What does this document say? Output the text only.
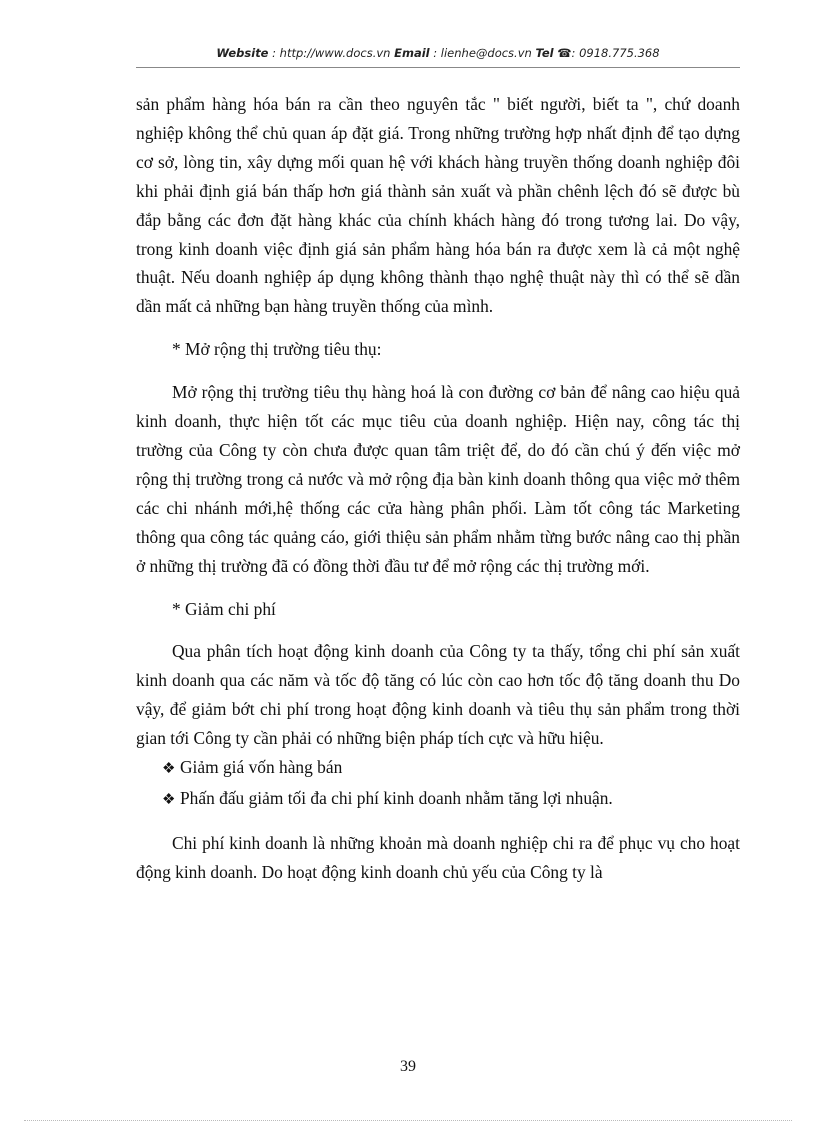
Website : http://www.docs.vn Email : lienhe@docs.vn Tel ☎: 0918.775.368

sản phẩm hàng hóa bán ra cần theo nguyên tắc " biết người, biết ta ", chứ doanh nghiệp không thể chủ quan áp đặt giá. Trong những trường hợp nhất định để tạo dựng cơ sở, lòng tin, xây dựng mối quan hệ với khách hàng truyền thống doanh nghiệp đôi khi phải định giá bán thấp hơn giá thành sản xuất và phần chênh lệch đó sẽ được bù đắp bằng các đơn đặt hàng khác của chính khách hàng đó trong tương lai. Do vậy, trong kinh doanh việc định giá sản phẩm hàng hóa bán ra được xem là cả một nghệ thuật. Nếu doanh nghiệp áp dụng không thành thạo nghệ thuật này thì có thể sẽ dần dần mất cả những bạn hàng truyền thống của mình.

* Mở rộng thị trường tiêu thụ:

Mở rộng thị trường tiêu thụ hàng hoá là con đường cơ bản để nâng cao hiệu quả kinh doanh, thực hiện tốt các mục tiêu của doanh nghiệp. Hiện nay, công tác thị trường của Công ty còn chưa được quan tâm triệt để, do đó cần chú ý đến việc mở rộng thị trường trong cả nước và mở rộng địa bàn kinh doanh thông qua việc mở thêm các chi nhánh mới,hệ thống các cửa hàng phân phối. Làm tốt công tác Marketing thông qua công tác quảng cáo, giới thiệu sản phẩm nhằm từng bước nâng cao thị phần ở những thị trường đã có đồng thời đầu tư để mở rộng các thị trường mới.

* Giảm chi phí

Qua phân tích hoạt động kinh doanh của Công ty ta thấy, tổng chi phí sản xuất kinh doanh qua các năm và tốc độ tăng có lúc còn cao hơn tốc độ tăng doanh thu Do vậy, để giảm bớt chi phí trong hoạt động kinh doanh và tiêu thụ sản phẩm trong thời gian tới Công ty cần phải có những biện pháp tích cực và hữu hiệu.

❖ Giảm giá vốn hàng bán

❖ Phấn đấu giảm tối đa chi phí kinh doanh nhằm tăng lợi nhuận.

Chi phí kinh doanh là những khoản mà doanh nghiệp chi ra để phục vụ cho hoạt động kinh doanh. Do hoạt động kinh doanh chủ yếu của Công ty là

39
